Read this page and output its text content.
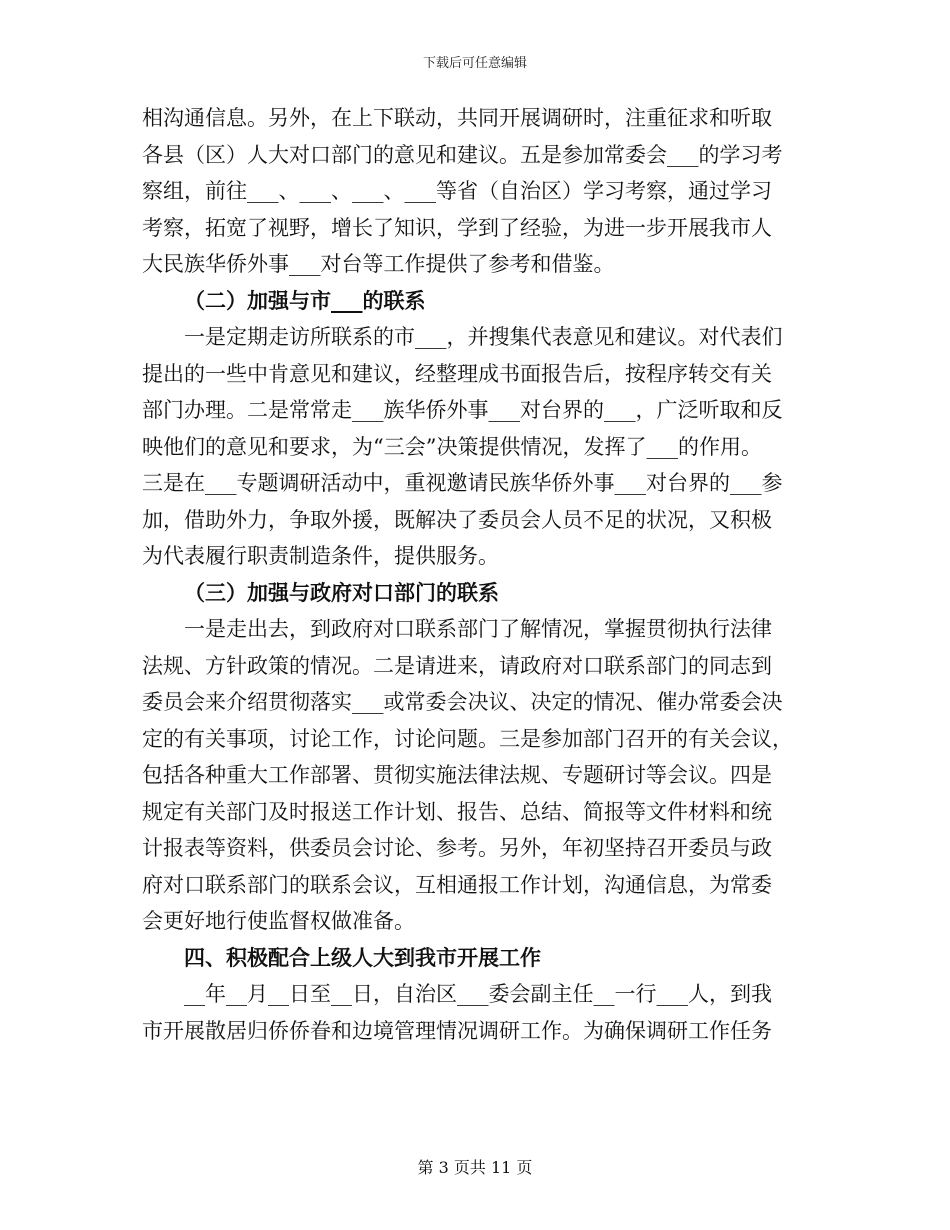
下载后可任意编辑
相沟通信息。另外，在上下联动，共同开展调研时，注重征求和听取
各县（区）人大对口部门的意见和建议。五是参加常委会___的学习考
察组，前往___、___、___、___等省（自治区）学习考察，通过学习
考察，拓宽了视野，增长了知识，学到了经验，为进一步开展我市人
大民族华侨外事___对台等工作提供了参考和借鉴。
（二）加强与市___的联系
一是定期走访所联系的市___，并搜集代表意见和建议。对代表们
提出的一些中肯意见和建议，经整理成书面报告后，按程序转交有关
部门办理。二是常常走___族华侨外事___对台界的___，广泛听取和反
映他们的意见和要求，为“三会”决策提供情况，发挥了___的作用。
三是在___专题调研活动中，重视邀请民族华侨外事___对台界的___参
加，借助外力，争取外援，既解决了委员会人员不足的状况，又积极
为代表履行职责制造条件，提供服务。
（三）加强与政府对口部门的联系
一是走出去，到政府对口联系部门了解情况，掌握贯彻执行法律
法规、方针政策的情况。二是请进来，请政府对口联系部门的同志到
委员会来介绍贯彻落实___或常委会决议、决定的情况、催办常委会决
定的有关事项，讨论工作，讨论问题。三是参加部门召开的有关会议，
包括各种重大工作部署、贯彻实施法律法规、专题研讨等会议。四是
规定有关部门及时报送工作计划、报告、总结、简报等文件材料和统
计报表等资料，供委员会讨论、参考。另外，年初坚持召开委员与政
府对口联系部门的联系会议，互相通报工作计划，沟通信息，为常委
会更好地行使监督权做准备。
四、积极配合上级人大到我市开展工作
__年__月__日至__日，自治区___委会副主任__一行___人，到我
市开展散居归侨侨眷和边境管理情况调研工作。为确保调研工作任务
第 3 页共 11 页
